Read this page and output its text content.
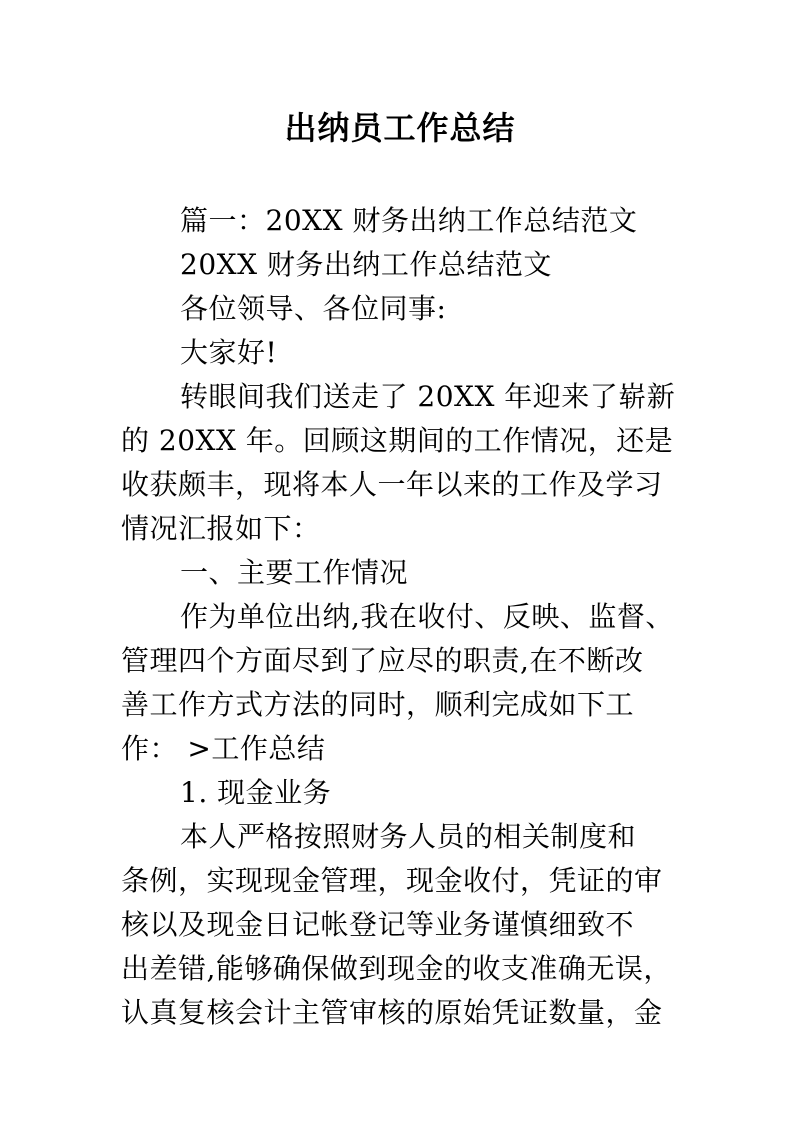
出纳员工作总结
篇一：20XX 财务出纳工作总结范文
20XX 财务出纳工作总结范文
各位领导、各位同事:
大家好!
转眼间我们送走了 20XX 年迎来了崭新
的 20XX 年。回顾这期间的工作情况，还是
收获颇丰，现将本人一年以来的工作及学习
情况汇报如下：
一、主要工作情况
作为单位出纳,我在收付、反映、监督、
管理四个方面尽到了应尽的职责,在不断改
善工作方式方法的同时，顺利完成如下工
作： >工作总结
1. 现金业务
本人严格按照财务人员的相关制度和
条例，实现现金管理，现金收付，凭证的审
核以及现金日记帐登记等业务谨慎细致不
出差错,能够确保做到现金的收支准确无误，
认真复核会计主管审核的原始凭证数量，金
